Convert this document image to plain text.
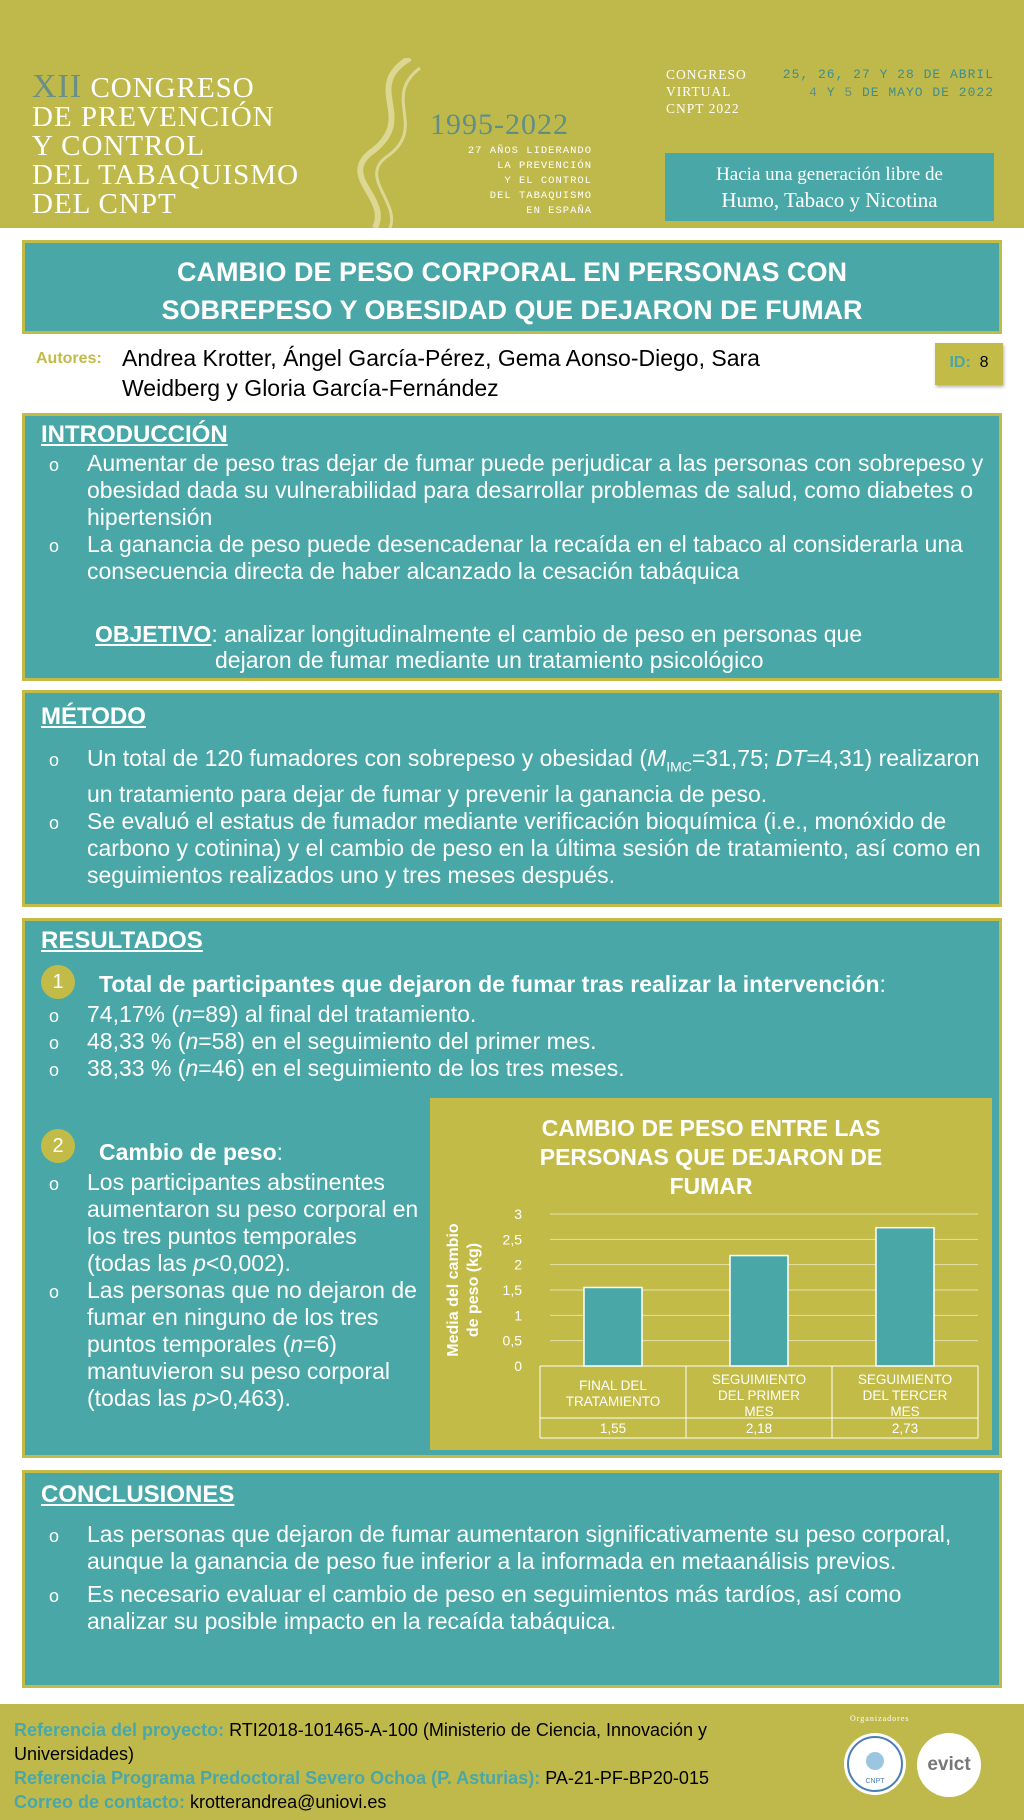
XII CONGRESO
DE PREVENCIÓN
Y CONTROL
DEL TABAQUISMO
DEL CNPT
1995-2022
27 AÑOS LIDERANDO
LA PREVENCIÓN
Y EL CONTROL
DEL TABAQUISMO
EN ESPAÑA
CONGRESO
VIRTUAL
CNPT 2022
25, 26, 27 Y 28 DE ABRIL
4 Y 5 DE MAYO DE 2022
Hacia una generación libre de
Humo, Tabaco y Nicotina
CAMBIO DE PESO CORPORAL EN PERSONAS CON
SOBREPESO Y OBESIDAD QUE DEJARON DE FUMAR
Autores: Andrea Krotter, Ángel García-Pérez, Gema Aonso-Diego, Sara Weidberg y Gloria García-Fernández
ID: 8
INTRODUCCIÓN
o Aumentar de peso tras dejar de fumar puede perjudicar a las personas con sobrepeso y obesidad dada su vulnerabilidad para desarrollar problemas de salud, como diabetes o hipertensión
o La ganancia de peso puede desencadenar la recaída en el tabaco al considerarla una consecuencia directa de haber alcanzado la cesación tabáquica
OBJETIVO: analizar longitudinalmente el cambio de peso en personas que
dejaron de fumar mediante un tratamiento psicológico
MÉTODO
o Un total de 120 fumadores con sobrepeso y obesidad ($M_{IMC}=31,75$; DT=4,31) realizaron un tratamiento para dejar de fumar y prevenir la ganancia de peso.
o Se evaluó el estatus de fumador mediante verificación bioquímica (i.e., monóxido de carbono y cotinina) y el cambio de peso en la última sesión de tratamiento, así como en seguimientos realizados uno y tres meses después.
RESULTADOS
1	Total de participantes que dejaron de fumar tras realizar la intervención:
o 74,17% (n=89) al final del tratamiento.
o 48,33 % (n=58) en el seguimiento del primer mes.
o 38,33 % (n=46) en el seguimiento de los tres meses.
2	Cambio de peso:
o Los participantes abstinentes aumentaron su peso corporal en los tres puntos temporales (todas las p<0,002).
o Las personas que no dejaron de fumar en ninguno de los tres puntos temporales (n=6) mantuvieron su peso corporal (todas las p>0,463).
CAMBIO DE PESO ENTRE LAS
PERSONAS QUE DEJARON DE
FUMAR
0
0,5
1
1,5
2
2,5
3
Media del cambio de peso (kg)
FINAL DEL
TRATAMIENTO
1,55
SEGUIMIENTO
DEL PRIMER
MES
2,18
SEGUIMIENTO
DEL TERCER
MES
2,73
CONCLUSIONES
o Las personas que dejaron de fumar aumentaron significativamente su peso corporal, aunque la ganancia de peso fue inferior a la informada en metaanálisis previos.
o Es necesario evaluar el cambio de peso en seguimientos más tardíos, así como analizar su posible impacto en la recaída tabáquica.
Referencia del proyecto: RTI2018-101465-A-100 (Ministerio de Ciencia, Innovación y Universidades)
Referencia Programa Predoctoral Severo Ochoa (P. Asturias): PA-21-PF-BP20-015
Correo de contacto: krotterandrea@uniovi.es
Organizadores
CNPT
evict
